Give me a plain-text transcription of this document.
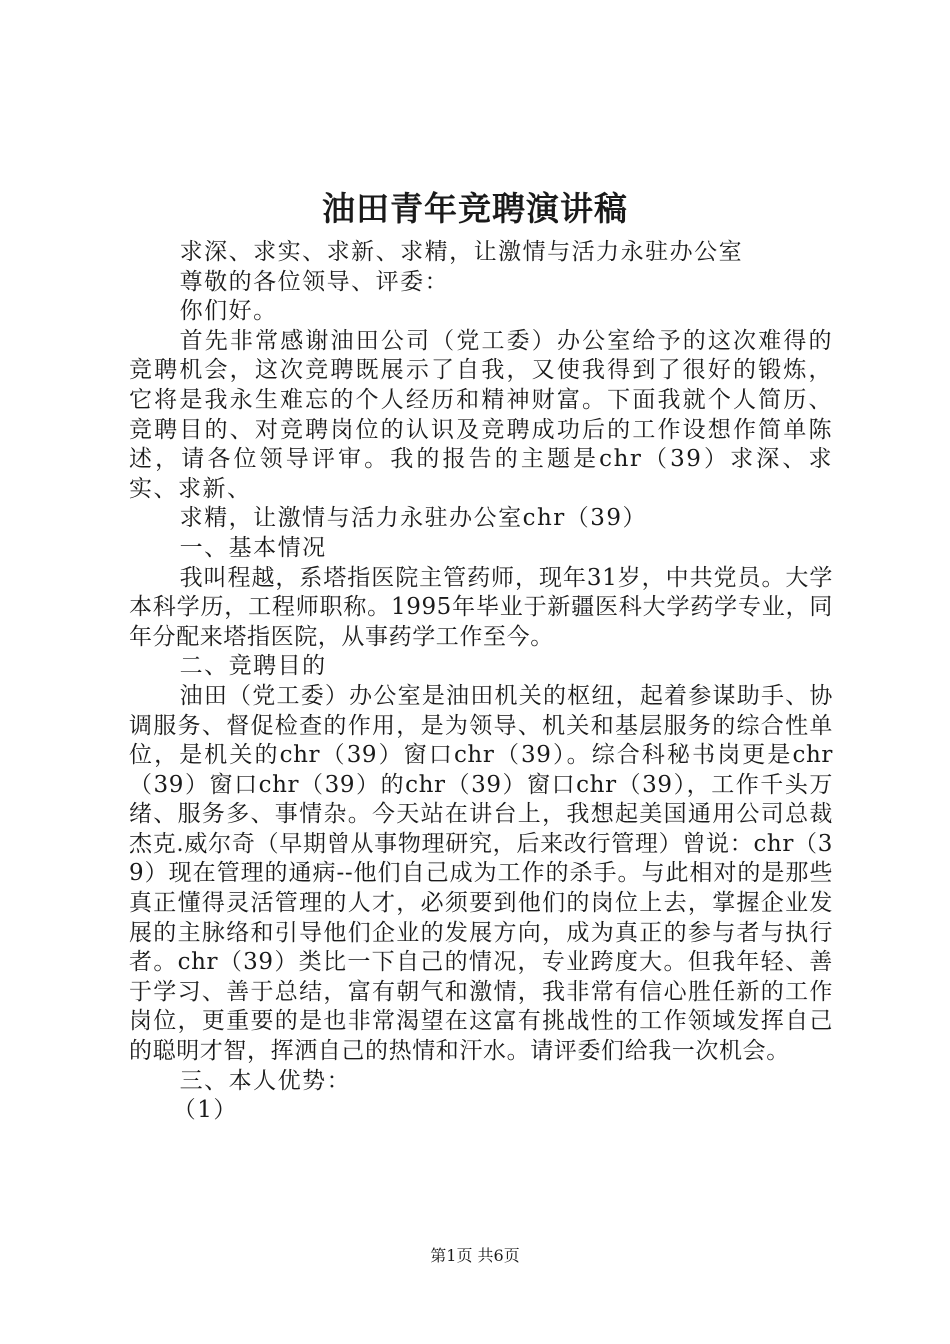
油田青年竞聘演讲稿

求深、求实、求新、求精，让激情与活力永驻办公室

尊敬的各位领导、评委：

你们好。

首先非常感谢油田公司（党工委）办公室给予的这次难得的竞聘机会，这次竞聘既展示了自我，又使我得到了很好的锻炼，它将是我永生难忘的个人经历和精神财富。下面我就个人简历、竞聘目的、对竞聘岗位的认识及竞聘成功后的工作设想作简单陈述，请各位领导评审。我的报告的主题是chr（39）求深、求实、求新、

求精，让激情与活力永驻办公室chr（39）

一、基本情况

我叫程越，系塔指医院主管药师，现年31岁，中共党员。大学本科学历，工程师职称。1995年毕业于新疆医科大学药学专业，同年分配来塔指医院，从事药学工作至今。

二、竞聘目的

油田（党工委）办公室是油田机关的枢纽，起着参谋助手、协调服务、督促检查的作用，是为领导、机关和基层服务的综合性单位，是机关的chr（39）窗口chr（39）。综合科秘书岗更是chr（39）窗口chr（39）的chr（39）窗口chr（39），工作千头万绪、服务多、事情杂。今天站在讲台上，我想起美国通用公司总裁杰克.威尔奇（早期曾从事物理研究，后来改行管理）曾说：chr（39）现在管理的通病--他们自己成为工作的杀手。与此相对的是那些真正懂得灵活管理的人才，必须要到他们的岗位上去，掌握企业发展的主脉络和引导他们企业的发展方向，成为真正的参与者与执行者。chr（39）类比一下自己的情况，专业跨度大。但我年轻、善于学习、善于总结，富有朝气和激情，我非常有信心胜任新的工作岗位，更重要的是也非常渴望在这富有挑战性的工作领域发挥自己的聪明才智，挥洒自己的热情和汗水。请评委们给我一次机会。

三、本人优势：

（1）

第1页 共6页
